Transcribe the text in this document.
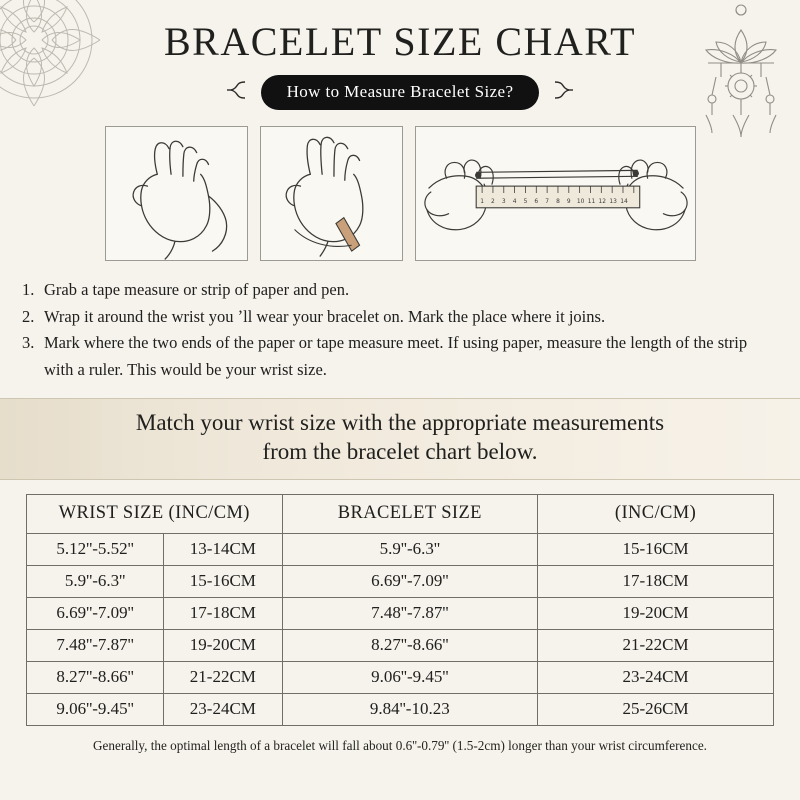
BRACELET SIZE CHART
How to Measure Bracelet Size?
1 2 3 4 5 6 7 8 9 10 11 12 13 14
1. Grab a tape measure or strip of paper and pen.
2. Wrap it around the wrist you ʼll wear your bracelet on. Mark the place where it joins.
3. Mark where the two ends of the paper or tape measure meet. If using paper, measure the length of the strip with a ruler. This would be your wrist size.
Match your wrist size with the appropriate measurements
from the bracelet chart below.
WRIST SIZE (INC/CM)		BRACELET SIZE	(INC/CM)
5.12''-5.52''	13-14CM	5.9''-6.3''	15-16CM
5.9''-6.3''	15-16CM	6.69''-7.09''	17-18CM
6.69''-7.09''	17-18CM	7.48''-7.87''	19-20CM
7.48''-7.87''	19-20CM	8.27''-8.66''	21-22CM
8.27''-8.66''	21-22CM	9.06''-9.45''	23-24CM
9.06''-9.45''	23-24CM	9.84''-10.23	25-26CM
Generally, the optimal length of a bracelet will fall about 0.6''-0.79'' (1.5-2cm) longer than your wrist circumference.
